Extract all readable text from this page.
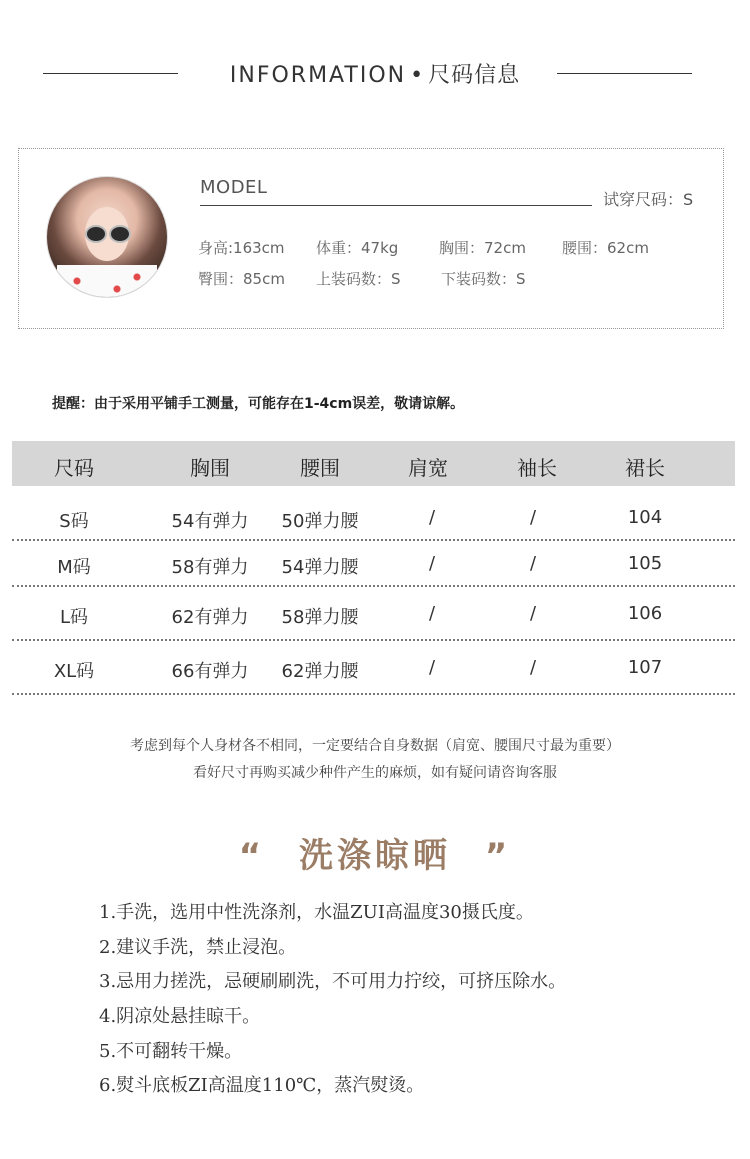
INFORMATION • 尺码信息
MODEL
试穿尺码：S
身高:163cm 体重：47kg	胸围：72cm 腰围：62cm
臀围：85cm 上装码数：S	下装码数：S
提醒：由于采用平铺手工测量，可能存在1-4cm误差，敬请谅解。
尺码	胸围	腰围	肩宽	袖长	裙长
S码	54有弹力	50弹力腰	/	/	104
M码	58有弹力	54弹力腰	/	/	105
L码	62有弹力	58弹力腰	/	/	106
XL码	66有弹力	62弹力腰	/	/	107
考虑到每个人身材各不相同，一定要结合自身数据（肩宽、腰围尺寸最为重要）
看好尺寸再购买减少种件产生的麻烦，如有疑问请咨询客服
“ 洗涤晾晒 ”
1.手洗，选用中性洗涤剂，水温ZUI高温度30摄氏度。
2.建议手洗，禁止浸泡。
3.忌用力搓洗，忌硬刷刷洗，不可用力拧绞，可挤压除水。
4.阴凉处悬挂晾干。
5.不可翻转干燥。
6.熨斗底板ZI高温度110℃，蒸汽熨烫。
